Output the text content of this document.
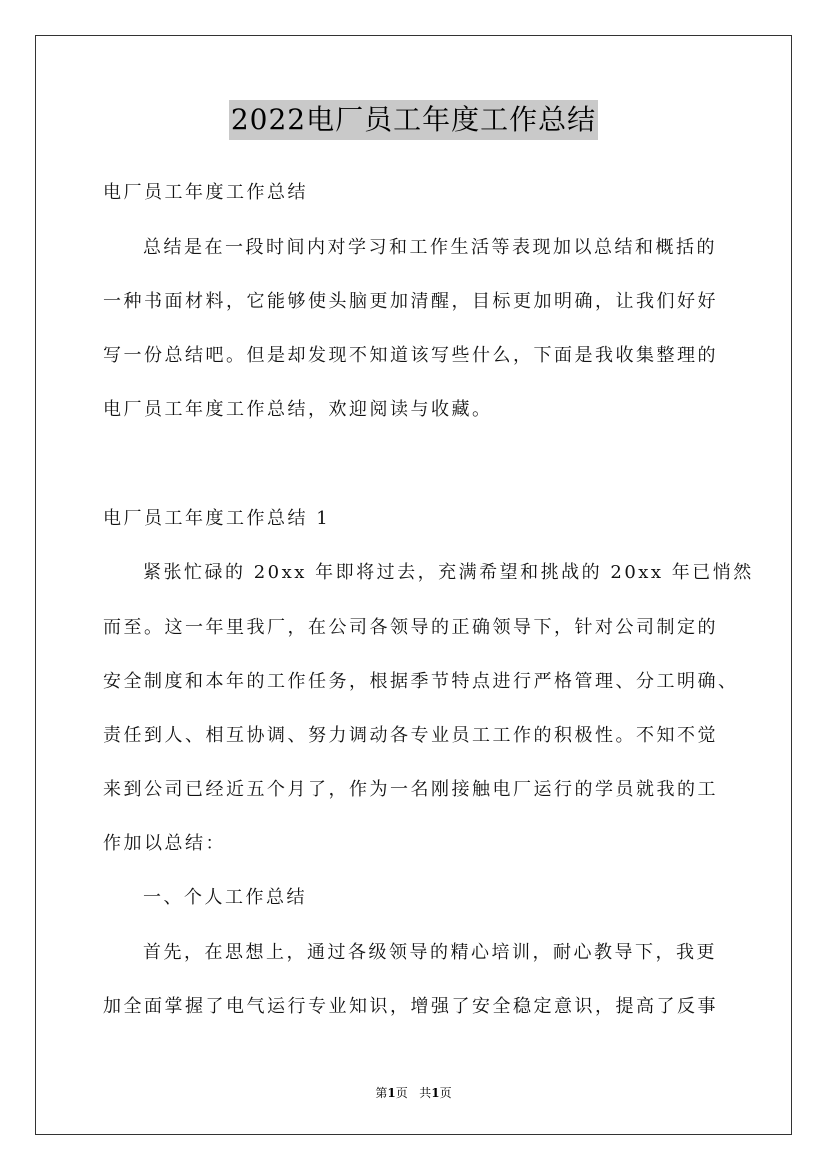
2022电厂员工年度工作总结
电厂员工年度工作总结
总结是在一段时间内对学习和工作生活等表现加以总结和概括的
一种书面材料，它能够使头脑更加清醒，目标更加明确，让我们好好
写一份总结吧。但是却发现不知道该写些什么，下面是我收集整理的
电厂员工年度工作总结，欢迎阅读与收藏。
电厂员工年度工作总结 1
紧张忙碌的 20xx 年即将过去，充满希望和挑战的 20xx 年已悄然
而至。这一年里我厂，在公司各领导的正确领导下，针对公司制定的
安全制度和本年的工作任务，根据季节特点进行严格管理、分工明确、
责任到人、相互协调、努力调动各专业员工工作的积极性。不知不觉
来到公司已经近五个月了，作为一名刚接触电厂运行的学员就我的工
作加以总结：
一、个人工作总结
首先，在思想上，通过各级领导的精心培训，耐心教导下，我更
加全面掌握了电气运行专业知识，增强了安全稳定意识，提高了反事
第1页 共1页
